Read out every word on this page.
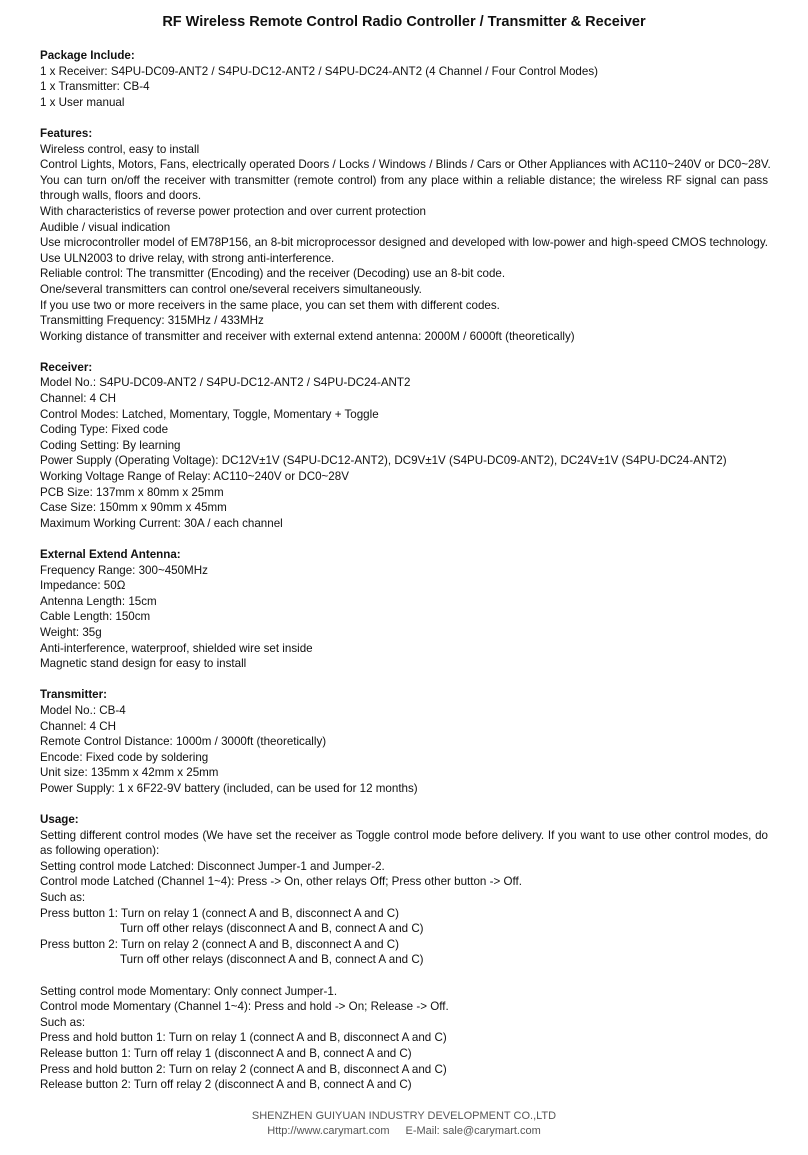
RF Wireless Remote Control Radio Controller / Transmitter & Receiver
Package Include:
1 x Receiver: S4PU-DC09-ANT2 / S4PU-DC12-ANT2 / S4PU-DC24-ANT2 (4 Channel / Four Control Modes)
1 x Transmitter: CB-4
1 x User manual
Features:
Wireless control, easy to install
Control Lights, Motors, Fans, electrically operated Doors / Locks / Windows / Blinds / Cars or Other Appliances with AC110~240V or DC0~28V.
You can turn on/off the receiver with transmitter (remote control) from any place within a reliable distance; the wireless RF signal can pass through walls, floors and doors.
With characteristics of reverse power protection and over current protection
Audible / visual indication
Use microcontroller model of EM78P156, an 8-bit microprocessor designed and developed with low-power and high-speed CMOS technology.
Use ULN2003 to drive relay, with strong anti-interference.
Reliable control: The transmitter (Encoding) and the receiver (Decoding) use an 8-bit code.
One/several transmitters can control one/several receivers simultaneously.
If you use two or more receivers in the same place, you can set them with different codes.
Transmitting Frequency: 315MHz / 433MHz
Working distance of transmitter and receiver with external extend antenna: 2000M / 6000ft (theoretically)
Receiver:
Model No.: S4PU-DC09-ANT2 / S4PU-DC12-ANT2 / S4PU-DC24-ANT2
Channel: 4 CH
Control Modes: Latched, Momentary, Toggle, Momentary + Toggle
Coding Type: Fixed code
Coding Setting: By learning
Power Supply (Operating Voltage): DC12V±1V (S4PU-DC12-ANT2), DC9V±1V (S4PU-DC09-ANT2), DC24V±1V (S4PU-DC24-ANT2)
Working Voltage Range of Relay: AC110~240V or DC0~28V
PCB Size: 137mm x 80mm x 25mm
Case Size: 150mm x 90mm x 45mm
Maximum Working Current: 30A / each channel
External Extend Antenna:
Frequency Range: 300~450MHz
Impedance: 50Ω
Antenna Length: 15cm
Cable Length: 150cm
Weight: 35g
Anti-interference, waterproof, shielded wire set inside
Magnetic stand design for easy to install
Transmitter:
Model No.: CB-4
Channel: 4 CH
Remote Control Distance: 1000m / 3000ft (theoretically)
Encode: Fixed code by soldering
Unit size: 135mm x 42mm x 25mm
Power Supply: 1 x 6F22-9V battery (included, can be used for 12 months)
Usage:
Setting different control modes (We have set the receiver as Toggle control mode before delivery. If you want to use other control modes, do as following operation):
Setting control mode Latched: Disconnect Jumper-1 and Jumper-2.
Control mode Latched (Channel 1~4): Press -> On, other relays Off; Press other button -> Off.
Such as:
Press button 1: Turn on relay 1 (connect A and B, disconnect A and C)
Turn off other relays (disconnect A and B, connect A and C)
Press button 2: Turn on relay 2 (connect A and B, disconnect A and C)
Turn off other relays (disconnect A and B, connect A and C)
Setting control mode Momentary: Only connect Jumper-1.
Control mode Momentary (Channel 1~4): Press and hold -> On; Release -> Off.
Such as:
Press and hold button 1: Turn on relay 1 (connect A and B, disconnect A and C)
Release button 1: Turn off relay 1 (disconnect A and B, connect A and C)
Press and hold button 2: Turn on relay 2 (connect A and B, disconnect A and C)
Release button 2: Turn off relay 2 (disconnect A and B, connect A and C)
SHENZHEN GUIYUAN INDUSTRY DEVELOPMENT CO.,LTD
Http://www.carymart.com E-Mail: sale@carymart.com
